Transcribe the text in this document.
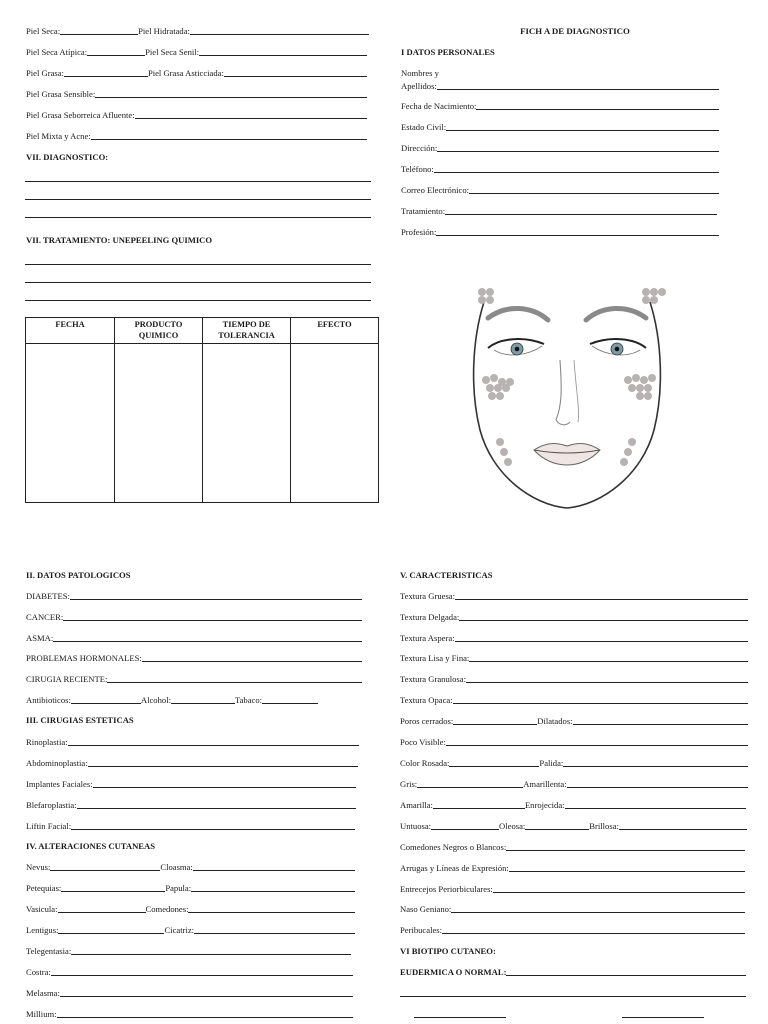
Piel Seca:	Piel Hidratada:
Piel Seca Atípica:	Piel Seca Senil:
Piel Grasa:	Piel Grasa Asticciada:
Piel Grasa Sensible:
Piel Grasa Seborreica Afluente:
Piel Mixta y Acne:
VII. DIAGNOSTICO:
VII. TRATAMIENTO: UNEPEELING QUIMICO
FECHA	PRODUCTO QUIMICO	TIEMPO DE TOLERANCIA	EFECTO

FICH A DE DIAGNOSTICO
I DATOS PERSONALES
Nombres y
Apellidos:
Fecha de Nacimiento:
Estado Civil:
Dirección:
Teléfono:
Correo Electrónico:
Tratamiento:
Profesión:
II. DATOS PATOLOGICOS
DIABETES:
CANCER:
ASMA:
PROBLEMAS HORMONALES:
CIRUGIA RECIENTE:
Antibioticos:	Alcohol:	Tabaco:
III. CIRUGIAS ESTETICAS
Rinoplastia:
Abdominoplastia:
Implantes Faciales:
Blefaroplastia:
Liftin Facial:
IV. ALTERACIONES CUTANEAS
Nevus:	Cloasma:
Petequias:	Papula:
Vasicula:	Comedones:
Lentigus:	Cicatriz:
Telegentasia:
Costra:
Melasma:
Millium:
V. CARACTERISTICAS
Textura Gruesa:
Textura Delgada:
Textura Aspera:
Textura Lisa y Fina:
Textura Granulosa:
Textura Opaca:
Poros cerrados:	Dilatados:
Poco Visible:
Color Rosada:	Palida:
Gris:	Amarillenta:
Amarilla:	Enrojecida:
Untuosa:	Oleosa:	Brillosa:
Comedones Negros o Blancos:
Arrugas y Líneas de Expresión:
Entrecejos Periorbiculares:
Naso Geniano:
Peribucales:
VI BIOTIPO CUTANEO:
EUDERMICA O NORMAL:
